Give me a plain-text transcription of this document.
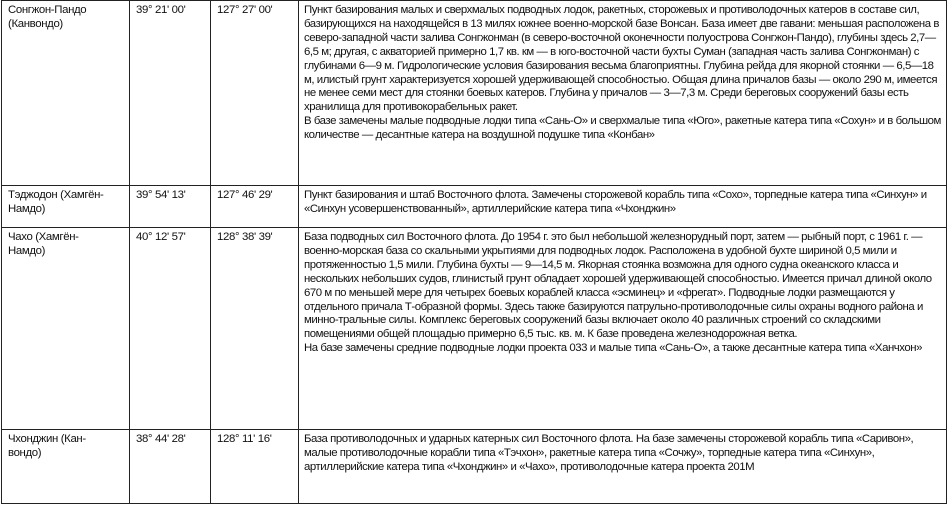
Сонгжон-Пандо
(Канвондо)	39° 21' 00'	127° 27' 00'	Пункт базирования малых и сверхмалых подводных лодок, ракетных, сторожевых и противолодочных катеров в составе сил, базирующихся на находящейся в 13 милях южнее военно-морской базе Вонсан. База имеет две гавани: меньшая расположена в северо-западной части залива Сонгжонман (в северо-восточной оконечности полуострова Сонгжон-Пандо), глубины здесь 2,7—6,5 м; другая, с акваторией примерно 1,7 кв. км — в юго-восточной части бухты Суман (западная часть залива Сонгжонман) с глубинами 6—9 м. Гидрологические условия базирования весьма благоприятны. Глубина рейда для якорной стоянки — 6,5—18 м, илистый грунт характеризуется хорошей удерживающей способностью. Общая длина причалов базы — около 290 м, имеется не менее семи мест для стоянки боевых катеров. Глубина у причалов — 3—7,3 м. Среди береговых сооружений базы есть хранилища для противокорабельных ракет.
В базе замечены малые подводные лодки типа «Сань-О» и сверхмалые типа «Юго», ракетные катера типа «Сохун» и в большом количестве — десантные катера на воздушной подушке типа «Конбан»

Тэджодон (Хамгён-
Намдо)	39° 54' 13'	127° 46' 29'	Пункт базирования и штаб Восточного флота. Замечены сторожевой корабль типа «Сохо», торпедные катера типа «Синхун» и «Синхун усовершенствованный», артиллерийские катера типа «Чхонджин»

Чахо (Хамгён-
Намдо)	40° 12' 57'	128° 38' 39'	База подводных сил Восточного флота. До 1954 г. это был небольшой железнорудный порт, затем — рыбный порт, с 1961 г. — военно-морская база со скальными укрытиями для подводных лодок. Расположена в удобной бухте шириной 0,5 мили и протяженностью 1,5 мили. Глубина бухты — 9—14,5 м. Якорная стоянка возможна для одного судна океанского класса и нескольких небольших судов, глинистый грунт обладает хорошей удерживающей способностью. Имеется причал длиной около 670 м по меньшей мере для четырех боевых кораблей класса «эсминец» и «фрегат». Подводные лодки размещаются у отдельного причала Т-образной формы. Здесь также базируются патрульно-противолодочные силы охраны водного района и минно-тральные силы. Комплекс береговых сооружений базы включает около 40 различных строений со складскими помещениями общей площадью примерно 6,5 тыс. кв. м. К базе проведена железнодорожная ветка.
На базе замечены средние подводные лодки проекта 033 и малые типа «Сань-О», а также десантные катера типа «Ханчхон»

Чхонджин (Кан-
вондо)	38° 44' 28'	128° 11' 16'	База противолодочных и ударных катерных сил Восточного флота. На базе замечены сторожевой корабль типа «Саривон», малые противолодочные корабли типа «Тэчхон», ракетные катера типа «Сочжу», торпедные катера типа «Синхун», артиллерийские катера типа «Чхонджин» и «Чахо», противолодочные катера проекта 201М
